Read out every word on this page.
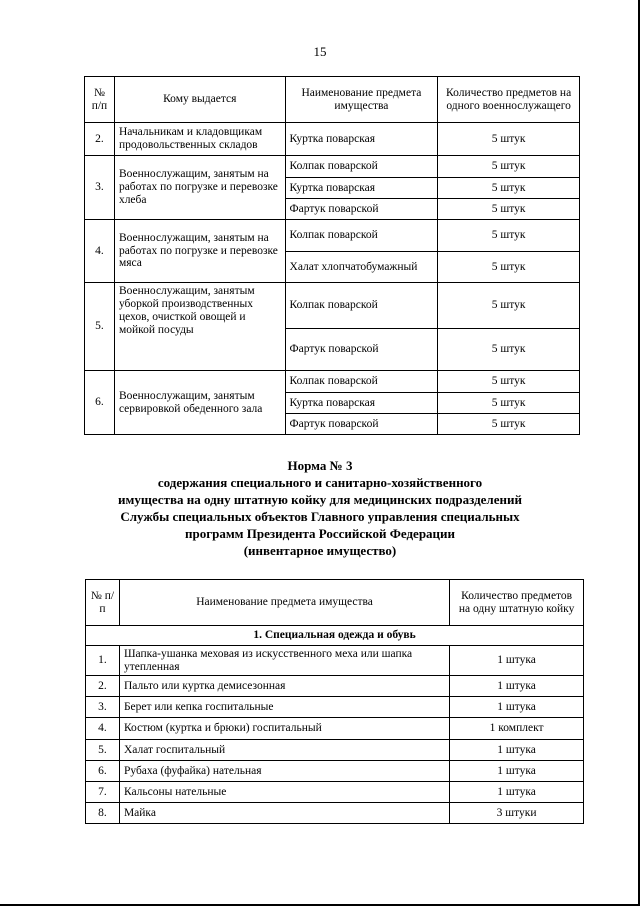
15
№ п/п	Кому выдается	Наименование предмета имущества	Количество предметов на одного военнослужащего
2.	Начальникам и кладовщикам продовольственных складов	Куртка поварская	5 штук
3.	Военнослужащим, занятым на работах по погрузке и перевозке хлеба	Колпак поварской	5 штук
		Куртка поварская	5 штук
		Фартук поварской	5 штук
4.	Военнослужащим, занятым на работах по погрузке и перевозке мяса	Колпак поварской	5 штук
		Халат хлопчатобумажный	5 штук
5.	Военнослужащим, занятым уборкой производственных цехов, очисткой овощей и мойкой посуды	Колпак поварской	5 штук
		Фартук поварской	5 штук
6.	Военнослужащим, занятым сервировкой обеденного зала	Колпак поварской	5 штук
		Куртка поварская	5 штук
		Фартук поварской	5 штук
Норма № 3
содержания специального и санитарно-хозяйственного
имущества на одну штатную койку для медицинских подразделений
Службы специальных объектов Главного управления специальных
программ Президента Российской Федерации
(инвентарное имущество)
№ п/п	Наименование предмета имущества	Количество предметов на одну штатную койку
1. Специальная одежда и обувь		
1.	Шапка-ушанка меховая из искусственного меха или шапка утепленная	1 штука
2.	Пальто или куртка демисезонная	1 штука
3.	Берет или кепка госпитальные	1 штука
4.	Костюм (куртка и брюки) госпитальный	1 комплект
5.	Халат госпитальный	1 штука
6.	Рубаха (фуфайка) нательная	1 штука
7.	Кальсоны нательные	1 штука
8.	Майка	3 штуки
